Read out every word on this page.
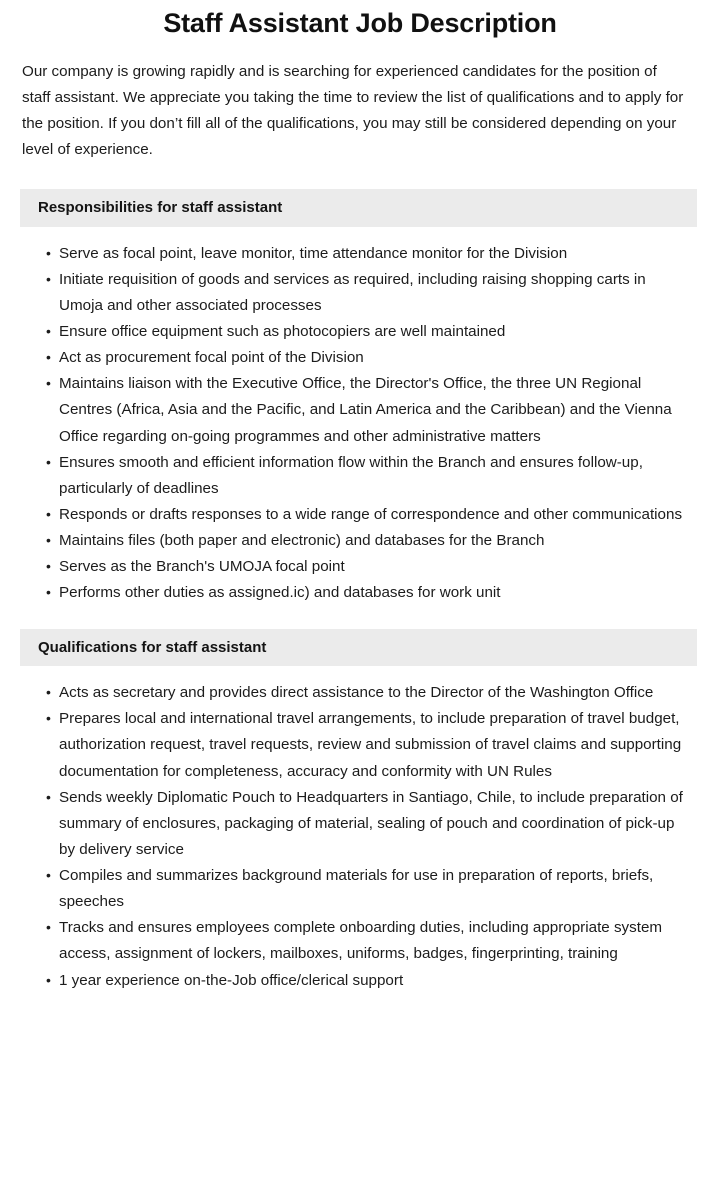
Staff Assistant Job Description

Our company is growing rapidly and is searching for experienced candidates for the position of staff assistant. We appreciate you taking the time to review the list of qualifications and to apply for the position. If you don’t fill all of the qualifications, you may still be considered depending on your level of experience.

Responsibilities for staff assistant
• Serve as focal point, leave monitor, time attendance monitor for the Division
• Initiate requisition of goods and services as required, including raising shopping carts in Umoja and other associated processes
• Ensure office equipment such as photocopiers are well maintained
• Act as procurement focal point of the Division
• Maintains liaison with the Executive Office, the Director's Office, the three UN Regional Centres (Africa, Asia and the Pacific, and Latin America and the Caribbean) and the Vienna Office regarding on-going programmes and other administrative matters
• Ensures smooth and efficient information flow within the Branch and ensures follow-up, particularly of deadlines
• Responds or drafts responses to a wide range of correspondence and other communications
• Maintains files (both paper and electronic) and databases for the Branch
• Serves as the Branch's UMOJA focal point
• Performs other duties as assigned.ic) and databases for work unit
Qualifications for staff assistant
• Acts as secretary and provides direct assistance to the Director of the Washington Office
• Prepares local and international travel arrangements, to include preparation of travel budget, authorization request, travel requests, review and submission of travel claims and supporting documentation for completeness, accuracy and conformity with UN Rules
• Sends weekly Diplomatic Pouch to Headquarters in Santiago, Chile, to include preparation of summary of enclosures, packaging of material, sealing of pouch and coordination of pick-up by delivery service
• Compiles and summarizes background materials for use in preparation of reports, briefs, speeches
• Tracks and ensures employees complete onboarding duties, including appropriate system access, assignment of lockers, mailboxes, uniforms, badges, fingerprinting, training
• 1 year experience on-the-Job office/clerical support
